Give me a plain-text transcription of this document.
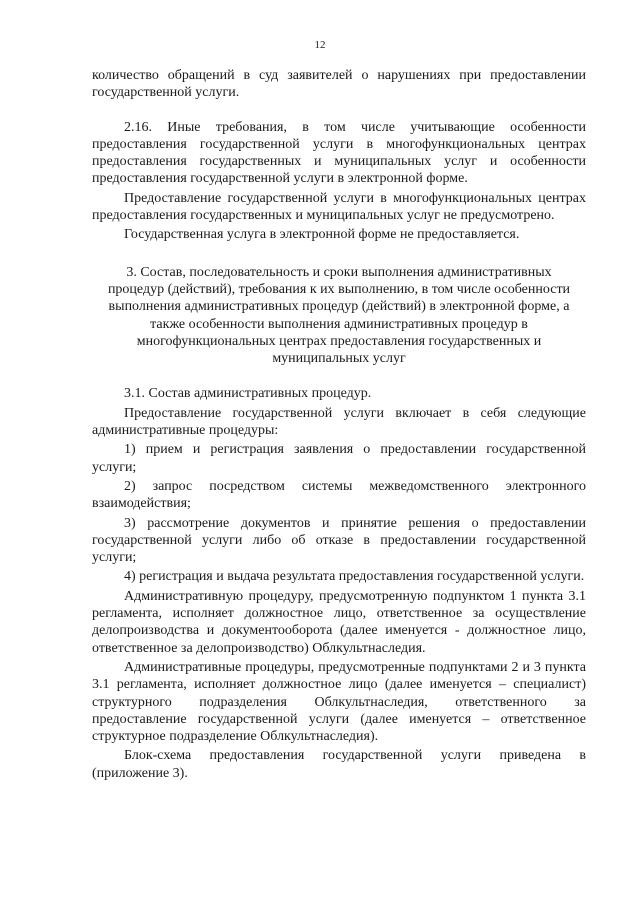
12

количество обращений в суд заявителей о нарушениях при предоставлении государственной услуги.

2.16. Иные требования, в том числе учитывающие особенности предоставления государственной услуги в многофункциональных центрах предоставления государственных и муниципальных услуг и особенности предоставления государственной услуги в электронной форме.

Предоставление государственной услуги в многофункциональных центрах предоставления государственных и муниципальных услуг не предусмотрено.

Государственная услуга в электронной форме не предоставляется.

3. Состав, последовательность и сроки выполнения административных процедур (действий), требования к их выполнению, в том числе особенности выполнения административных процедур (действий) в электронной форме, а также особенности выполнения административных процедур в многофункциональных центрах предоставления государственных и муниципальных услуг

3.1. Состав административных процедур.

Предоставление государственной услуги включает в себя следующие административные процедуры:

1) прием и регистрация заявления о предоставлении государственной услуги;

2) запрос посредством системы межведомственного электронного взаимодействия;

3) рассмотрение документов и принятие решения о предоставлении государственной услуги либо об отказе в предоставлении государственной услуги;

4) регистрация и выдача результата предоставления государственной услуги.

Административную процедуру, предусмотренную подпунктом 1 пункта 3.1 регламента, исполняет должностное лицо, ответственное за осуществление делопроизводства и документооборота (далее именуется - должностное лицо, ответственное за делопроизводство) Облкультнаследия.

Административные процедуры, предусмотренные подпунктами 2 и 3 пункта 3.1 регламента, исполняет должностное лицо (далее именуется – специалист) структурного подразделения Облкультнаследия, ответственного за предоставление государственной услуги (далее именуется – ответственное структурное подразделение Облкультнаследия).

Блок-схема предоставления государственной услуги приведена в (приложение 3).
